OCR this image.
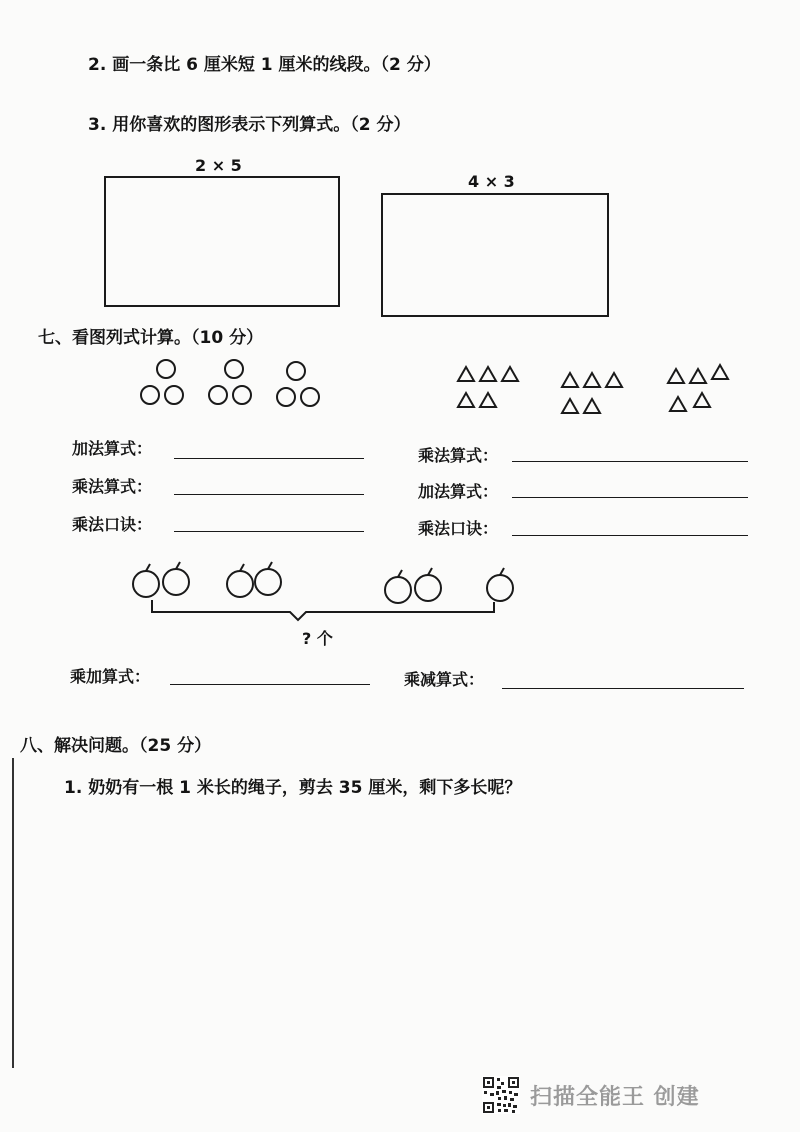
2. 画一条比 6 厘米短 1 厘米的线段。（2 分）
3. 用你喜欢的图形表示下列算式。（2 分）
2 × 5
4 × 3
七、看图列式计算。（10 分）
加法算式：
乘法算式：
乘法口诀：
乘法算式：
加法算式：
乘法口诀：
? 个
乘加算式：	乘减算式：
八、解决问题。（25 分）
1. 奶奶有一根 1 米长的绳子，剪去 35 厘米，剩下多长呢？
扫描全能王 创建
